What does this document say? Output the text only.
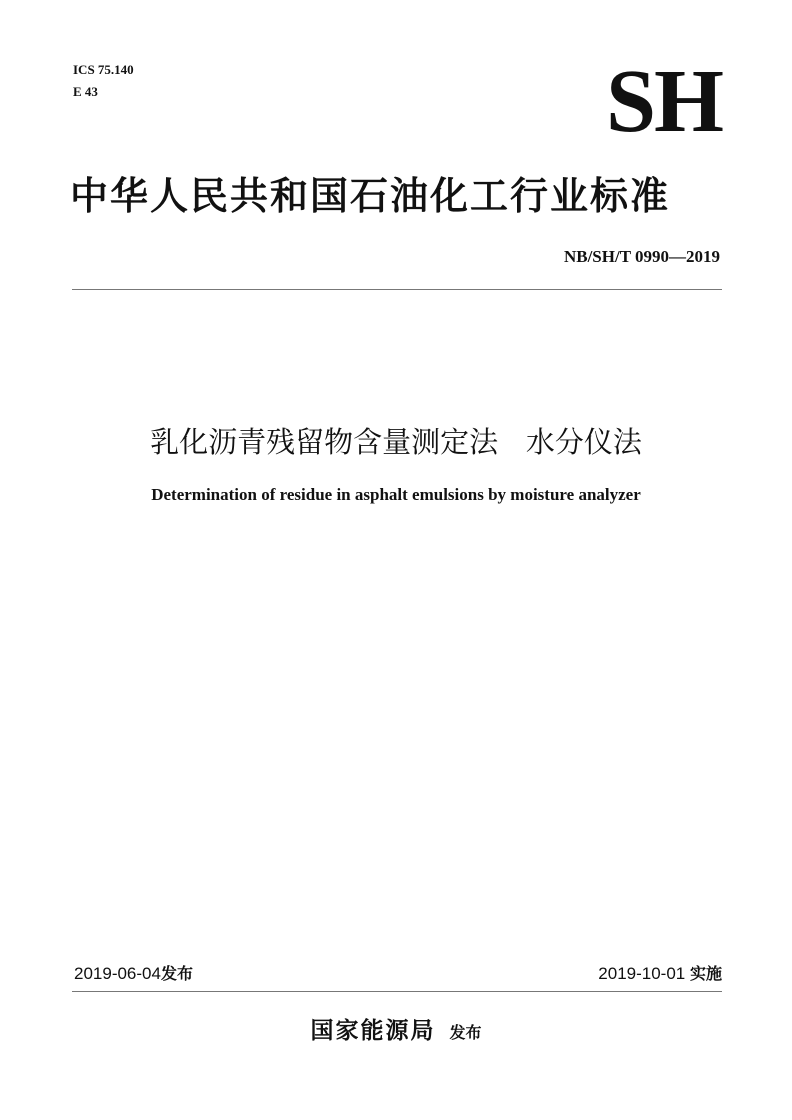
ICS 75.140
E 43	SH
中华人民共和国石油化工行业标准
NB/SH/T 0990—2019
乳化沥青残留物含量测定法   水分仪法
Determination of residue in asphalt emulsions by moisture analyzer
2019-06-04发布	2019-10-01 实施
国家能源局 发布
